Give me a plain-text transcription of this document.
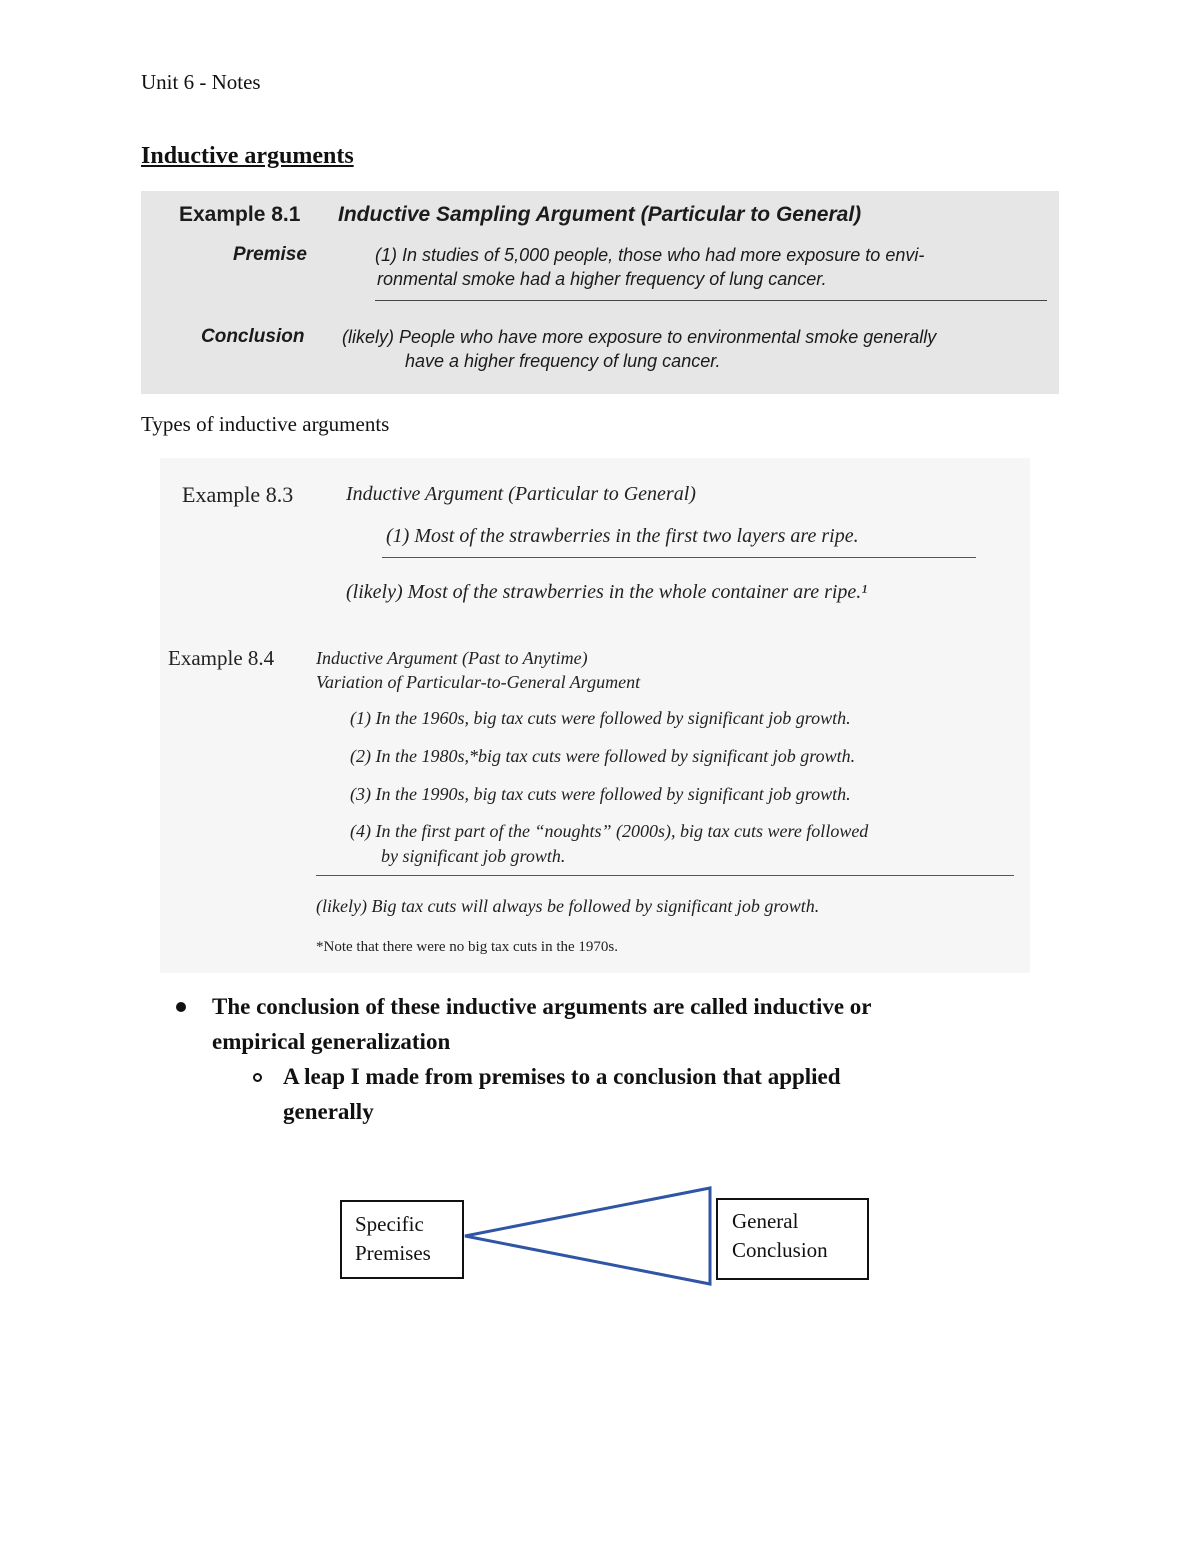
Unit 6 - Notes
Inductive arguments
Example 8.1 Inductive Sampling Argument (Particular to General)
Premise	(1) In studies of 5,000 people, those who had more exposure to envi-
ronmental smoke had a higher frequency of lung cancer.
Conclusion (likely) People who have more exposure to environmental smoke generally
have a higher frequency of lung cancer.
Types of inductive arguments
Example 8.3	Inductive Argument (Particular to General)
(1) Most of the strawberries in the first two layers are ripe.
(likely) Most of the strawberries in the whole container are ripe.¹
Example 8.4 Inductive Argument (Past to Anytime)
Variation of Particular-to-General Argument
(1) In the 1960s, big tax cuts were followed by significant job growth.
(2) In the 1980s,*big tax cuts were followed by significant job growth.
(3) In the 1990s, big tax cuts were followed by significant job growth.
(4) In the first part of the “noughts” (2000s), big tax cuts were followed
by significant job growth.
(likely) Big tax cuts will always be followed by significant job growth.
*Note that there were no big tax cuts in the 1970s.
The conclusion of these inductive arguments are called inductive or
empirical generalization
A leap I made from premises to a conclusion that applied
generally
Specific
Premises
General
Conclusion
